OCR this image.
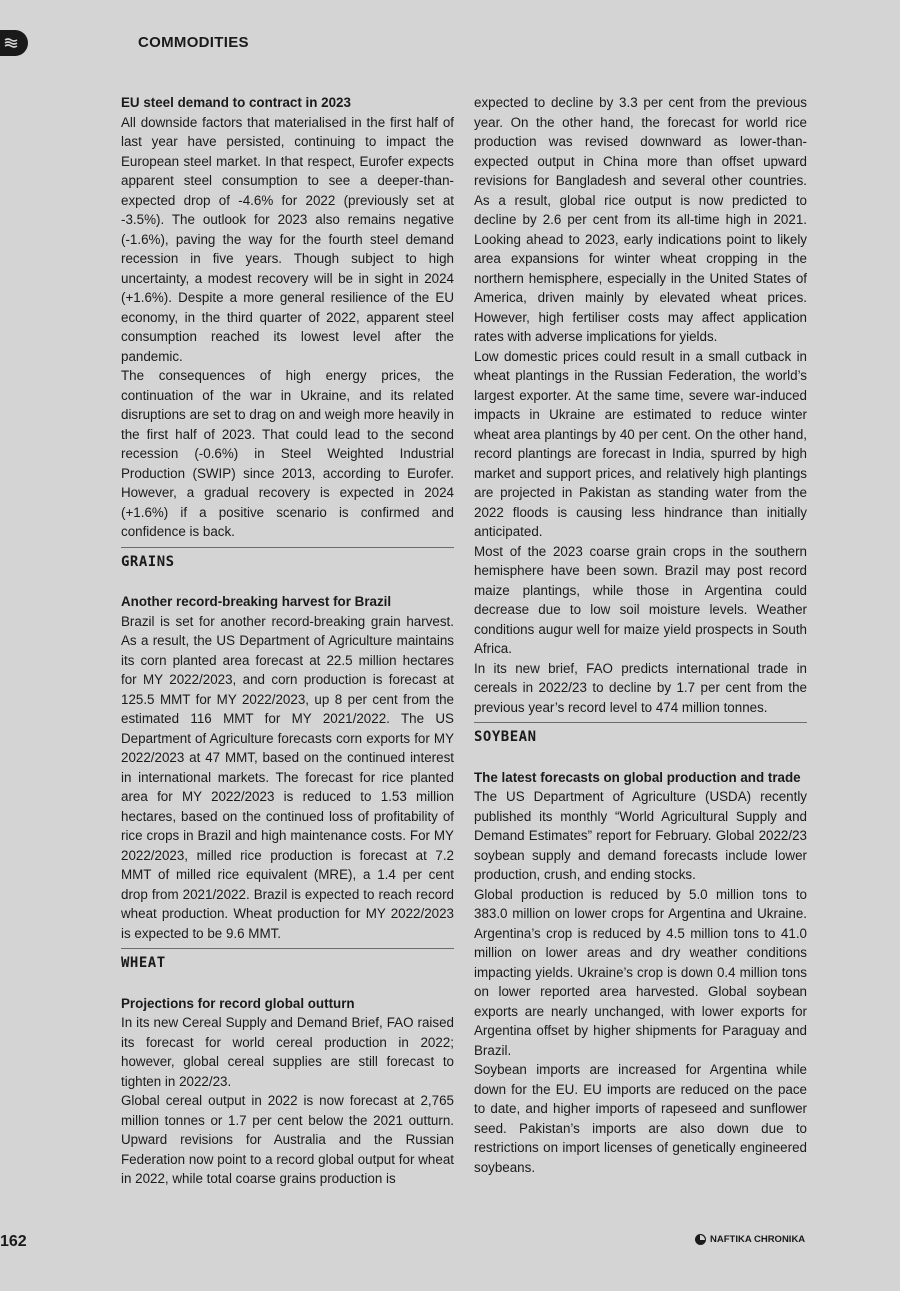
COMMODITIES
EU steel demand to contract in 2023

All downside factors that materialised in the first half of last year have persisted, continuing to impact the European steel market. In that respect, Eurofer expects apparent steel consumption to see a deeper-than-expected drop of -4.6% for 2022 (previously set at -3.5%). The outlook for 2023 also remains negative (-1.6%), paving the way for the fourth steel demand recession in five years. Though subject to high uncertainty, a modest recovery will be in sight in 2024 (+1.6%). Despite a more general resilience of the EU economy, in the third quarter of 2022, apparent steel consumption reached its lowest level after the pandemic.

The consequences of high energy prices, the continuation of the war in Ukraine, and its related disruptions are set to drag on and weigh more heavily in the first half of 2023. That could lead to the second recession (-0.6%) in Steel Weighted Industrial Production (SWIP) since 2013, according to Eurofer. However, a gradual recovery is expected in 2024 (+1.6%) if a positive scenario is confirmed and confidence is back.

GRAINS
Another record-breaking harvest for Brazil

Brazil is set for another record-breaking grain harvest. As a result, the US Department of Agriculture maintains its corn planted area forecast at 22.5 million hectares for MY 2022/2023, and corn production is forecast at 125.5 MMT for MY 2022/2023, up 8 per cent from the estimated 116 MMT for MY 2021/2022. The US Department of Agriculture forecasts corn exports for MY 2022/2023 at 47 MMT, based on the continued interest in international markets. The forecast for rice planted area for MY 2022/2023 is reduced to 1.53 million hectares, based on the continued loss of profitability of rice crops in Brazil and high maintenance costs. For MY 2022/2023, milled rice production is forecast at 7.2 MMT of milled rice equivalent (MRE), a 1.4 per cent drop from 2021/2022. Brazil is expected to reach record wheat production. Wheat production for MY 2022/2023 is expected to be 9.6 MMT.

WHEAT
Projections for record global outturn

In its new Cereal Supply and Demand Brief, FAO raised its forecast for world cereal production in 2022; however, global cereal supplies are still forecast to tighten in 2022/23.

Global cereal output in 2022 is now forecast at 2,765 million tonnes or 1.7 per cent below the 2021 outturn. Upward revisions for Australia and the Russian Federation now point to a record global output for wheat in 2022, while total coarse grains production is

expected to decline by 3.3 per cent from the previous year. On the other hand, the forecast for world rice production was revised downward as lower-than-expected output in China more than offset upward revisions for Bangladesh and several other countries. As a result, global rice output is now predicted to decline by 2.6 per cent from its all-time high in 2021. Looking ahead to 2023, early indications point to likely area expansions for winter wheat cropping in the northern hemisphere, especially in the United States of America, driven mainly by elevated wheat prices. However, high fertiliser costs may affect application rates with adverse implications for yields.

Low domestic prices could result in a small cutback in wheat plantings in the Russian Federation, the world’s largest exporter. At the same time, severe war-induced impacts in Ukraine are estimated to reduce winter wheat area plantings by 40 per cent. On the other hand, record plantings are forecast in India, spurred by high market and support prices, and relatively high plantings are projected in Pakistan as standing water from the 2022 floods is causing less hindrance than initially anticipated.

Most of the 2023 coarse grain crops in the southern hemisphere have been sown. Brazil may post record maize plantings, while those in Argentina could decrease due to low soil moisture levels. Weather conditions augur well for maize yield prospects in South Africa.

In its new brief, FAO predicts international trade in cereals in 2022/23 to decline by 1.7 per cent from the previous year’s record level to 474 million tonnes.

SOYBEAN
The latest forecasts on global production and trade

The US Department of Agriculture (USDA) recently published its monthly “World Agricultural Supply and Demand Estimates” report for February. Global 2022/23 soybean supply and demand forecasts include lower production, crush, and ending stocks.

Global production is reduced by 5.0 million tons to 383.0 million on lower crops for Argentina and Ukraine. Argentina’s crop is reduced by 4.5 million tons to 41.0 million on lower areas and dry weather conditions impacting yields. Ukraine’s crop is down 0.4 million tons on lower reported area harvested. Global soybean exports are nearly unchanged, with lower exports for Argentina offset by higher shipments for Paraguay and Brazil.

Soybean imports are increased for Argentina while down for the EU. EU imports are reduced on the pace to date, and higher imports of rapeseed and sunflower seed. Pakistan’s imports are also down due to restrictions on import licenses of genetically engineered soybeans.

162	NAFTIKA CHRONIKA
